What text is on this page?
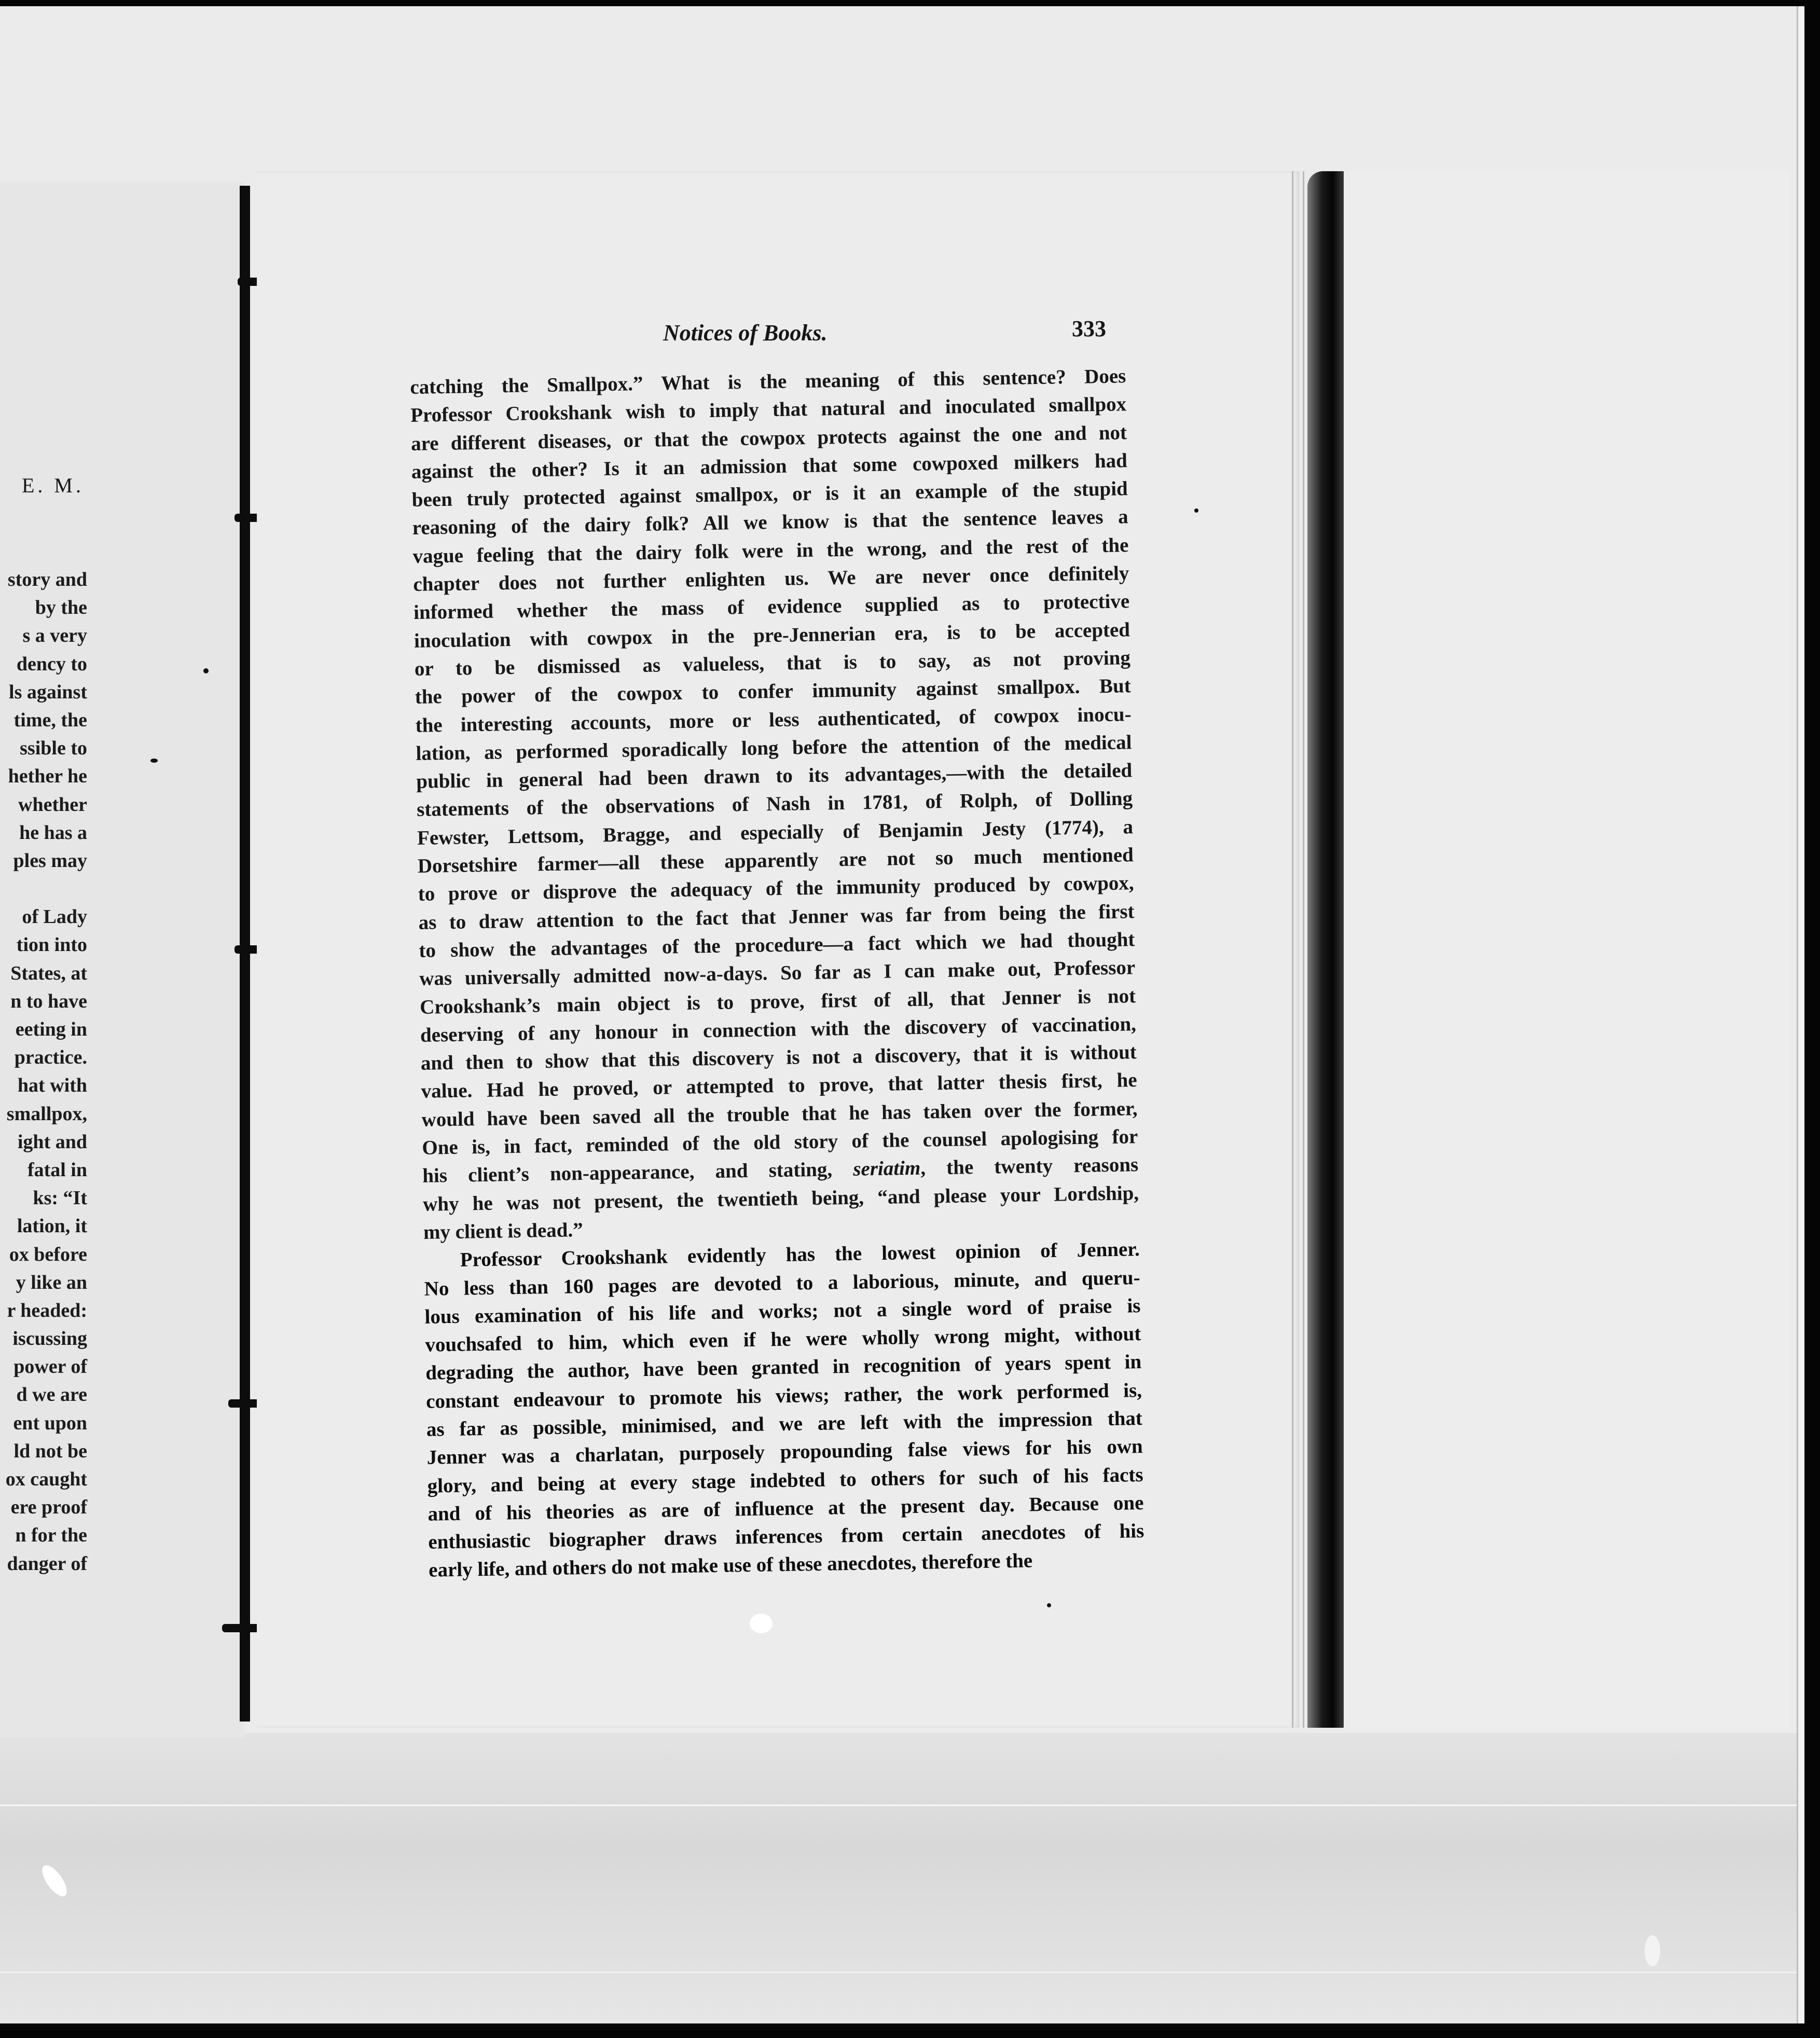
E. M.
story and
by the
s a very
dency to
ls against
time, the
ssible to
hether he
whether
he has a
ples may
of Lady
tion into
States, at
n to have
eeting in
practice.
hat with
smallpox,
ight and
fatal in
ks: “It
lation, it
ox before
y like an
r headed:
iscussing
power of
d we are
ent upon
ld not be
ox caught
ere proof
n for the
danger of
Notices of Books.	333
catching the Smallpox.” What is the meaning of this sentence? Does
Professor Crookshank wish to imply that natural and inoculated smallpox
are different diseases, or that the cowpox protects against the one and not
against the other? Is it an admission that some cowpoxed milkers had
been truly protected against smallpox, or is it an example of the stupid
reasoning of the dairy folk? All we know is that the sentence leaves a
vague feeling that the dairy folk were in the wrong, and the rest of the
chapter does not further enlighten us. We are never once definitely
informed whether the mass of evidence supplied as to protective
inoculation with cowpox in the pre-Jennerian era, is to be accepted
or to be dismissed as valueless, that is to say, as not proving
the power of the cowpox to confer immunity against smallpox. But
the interesting accounts, more or less authenticated, of cowpox inocu-
lation, as performed sporadically long before the attention of the medical
public in general had been drawn to its advantages,—with the detailed
statements of the observations of Nash in 1781, of Rolph, of Dolling
Fewster, Lettsom, Bragge, and especially of Benjamin Jesty (1774), a
Dorsetshire farmer—all these apparently are not so much mentioned
to prove or disprove the adequacy of the immunity produced by cowpox,
as to draw attention to the fact that Jenner was far from being the first
to show the advantages of the procedure—a fact which we had thought
was universally admitted now-a-days. So far as I can make out, Professor
Crookshank’s main object is to prove, first of all, that Jenner is not
deserving of any honour in connection with the discovery of vaccination,
and then to show that this discovery is not a discovery, that it is without
value. Had he proved, or attempted to prove, that latter thesis first, he
would have been saved all the trouble that he has taken over the former,
One is, in fact, reminded of the old story of the counsel apologising for
his client’s non-appearance, and stating, seriatim, the twenty reasons
why he was not present, the twentieth being, “and please your Lordship,
my client is dead.”
Professor Crookshank evidently has the lowest opinion of Jenner.
No less than 160 pages are devoted to a laborious, minute, and queru-
lous examination of his life and works; not a single word of praise is
vouchsafed to him, which even if he were wholly wrong might, without
degrading the author, have been granted in recognition of years spent in
constant endeavour to promote his views; rather, the work performed is,
as far as possible, minimised, and we are left with the impression that
Jenner was a charlatan, purposely propounding false views for his own
glory, and being at every stage indebted to others for such of his facts
and of his theories as are of influence at the present day. Because one
enthusiastic biographer draws inferences from certain anecdotes of his
early life, and others do not make use of these anecdotes, therefore the
